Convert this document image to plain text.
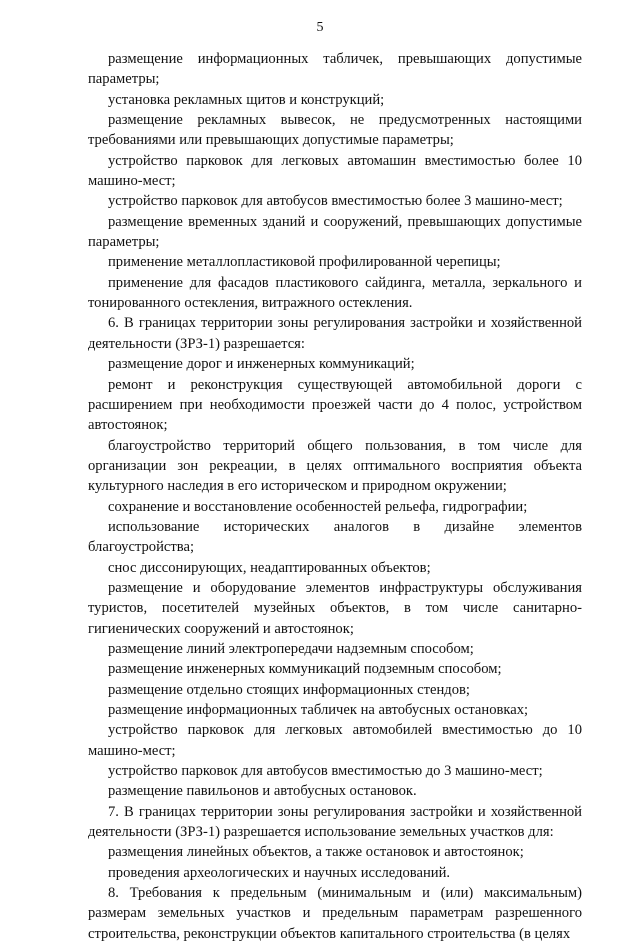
5

размещение информационных табличек, превышающих допустимые параметры;

установка рекламных щитов и конструкций;

размещение рекламных вывесок, не предусмотренных настоящими требованиями или превышающих допустимые параметры;

устройство парковок для легковых автомашин вместимостью более 10 машино-мест;

устройство парковок для автобусов вместимостью более 3 машино-мест;

размещение временных зданий и сооружений, превышающих допустимые параметры;

применение металлопластиковой профилированной черепицы;

применение для фасадов пластикового сайдинга, металла, зеркального и тонированного остекления, витражного остекления.

6. В границах территории зоны регулирования застройки и хозяйственной деятельности (ЗРЗ-1) разрешается:

размещение дорог и инженерных коммуникаций;

ремонт и реконструкция существующей автомобильной дороги с расширением при необходимости проезжей части до 4 полос, устройством автостоянок;

благоустройство территорий общего пользования, в том числе для организации зон рекреации, в целях оптимального восприятия объекта культурного наследия в его историческом и природном окружении;

сохранение и восстановление особенностей рельефа, гидрографии;

использование исторических аналогов в дизайне элементов благоустройства;

снос диссонирующих, неадаптированных объектов;

размещение и оборудование элементов инфраструктуры обслуживания туристов, посетителей музейных объектов, в том числе санитарно-гигиенических сооружений и автостоянок;

размещение линий электропередачи надземным способом;

размещение инженерных коммуникаций подземным способом;

размещение отдельно стоящих информационных стендов;

размещение информационных табличек на автобусных остановках;

устройство парковок для легковых автомобилей вместимостью до 10 машино-мест;

устройство парковок для автобусов вместимостью до 3 машино-мест;

размещение павильонов и автобусных остановок.

7. В границах территории зоны регулирования застройки и хозяйственной деятельности (ЗРЗ-1) разрешается использование земельных участков для:

размещения линейных объектов, а также остановок и автостоянок;

проведения археологических и научных исследований.

8. Требования к предельным (минимальным и (или) максимальным) размерам земельных участков и предельным параметрам разрешенного строительства, реконструкции объектов капитального строительства (в целях
